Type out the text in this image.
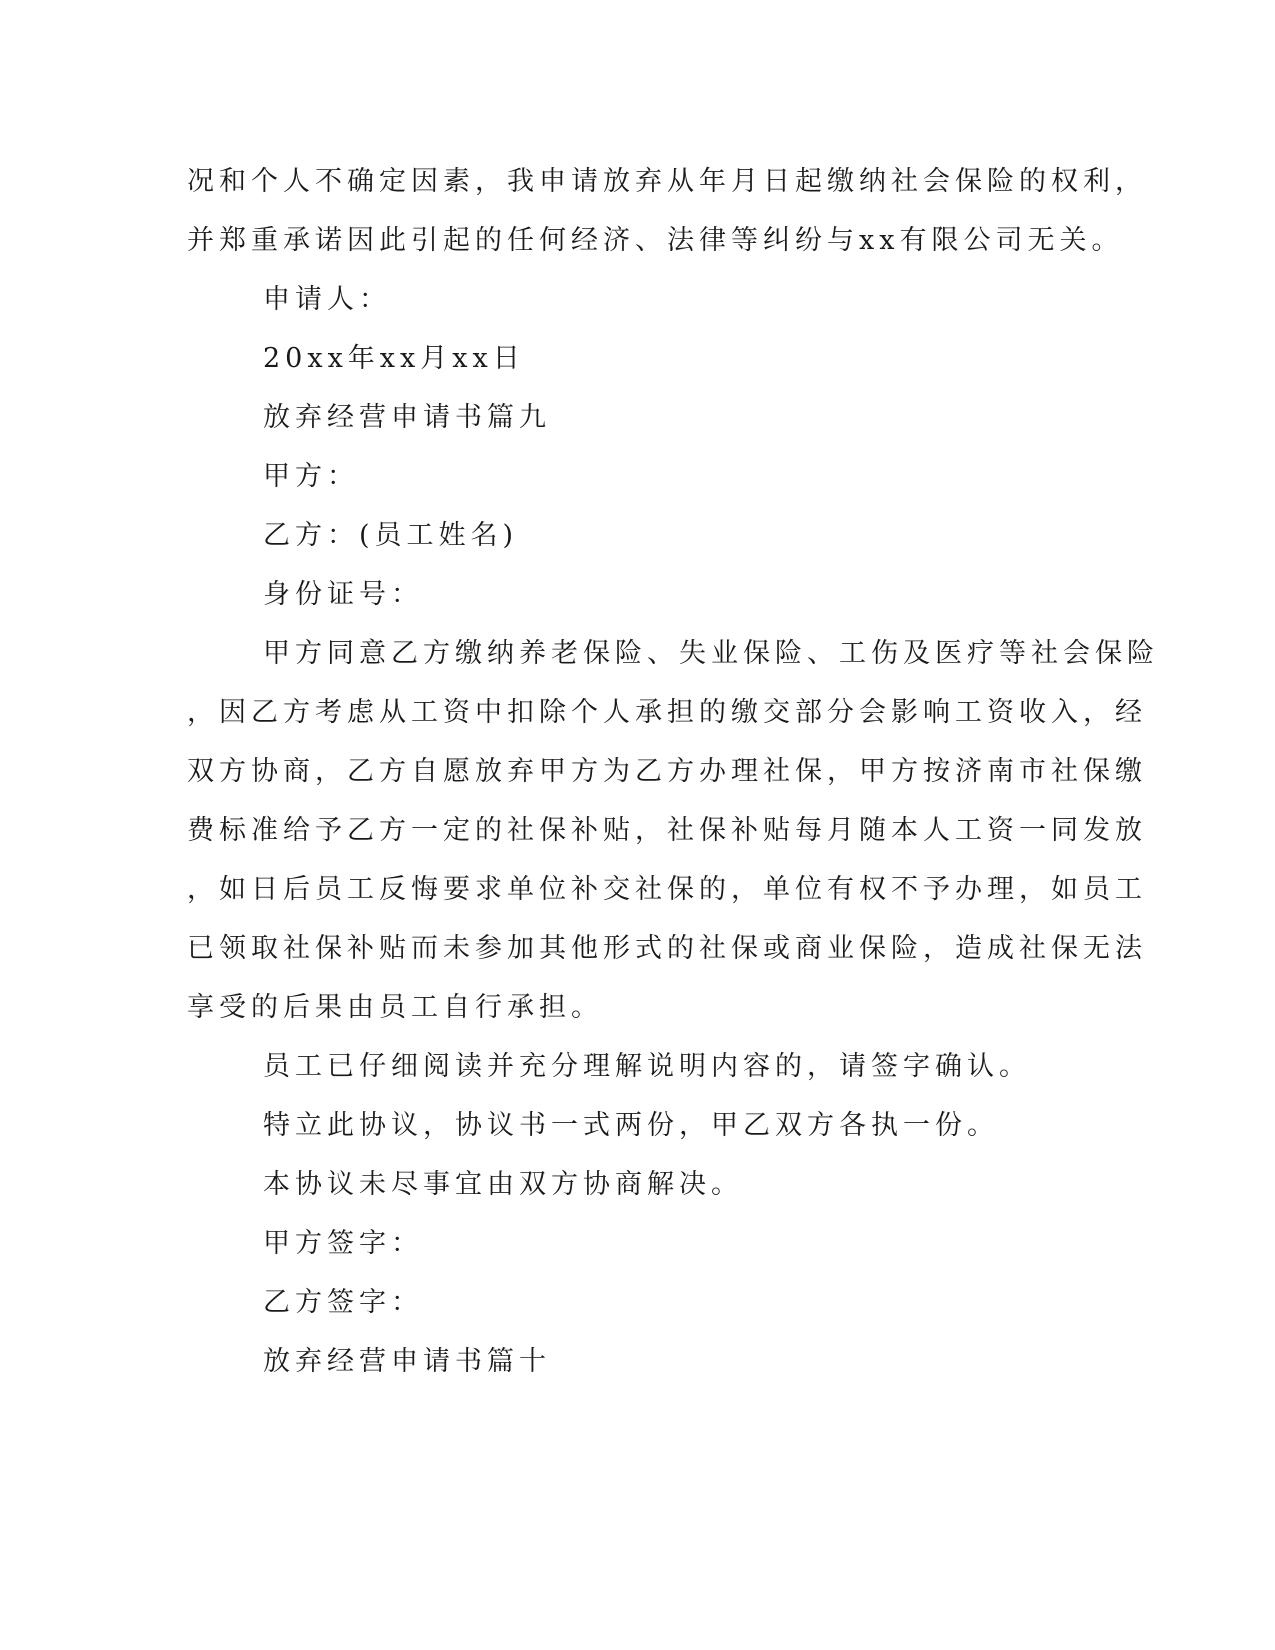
况和个人不确定因素，我申请放弃从年月日起缴纳社会保险的权利，
并郑重承诺因此引起的任何经济、法律等纠纷与xx有限公司无关。
申请人：
20xx年xx月xx日
放弃经营申请书篇九
甲方：
乙方：(员工姓名)
身份证号：
甲方同意乙方缴纳养老保险、失业保险、工伤及医疗等社会保险
，因乙方考虑从工资中扣除个人承担的缴交部分会影响工资收入，经
双方协商，乙方自愿放弃甲方为乙方办理社保，甲方按济南市社保缴
费标准给予乙方一定的社保补贴，社保补贴每月随本人工资一同发放
，如日后员工反悔要求单位补交社保的，单位有权不予办理，如员工
已领取社保补贴而未参加其他形式的社保或商业保险，造成社保无法
享受的后果由员工自行承担。
员工已仔细阅读并充分理解说明内容的，请签字确认。
特立此协议，协议书一式两份，甲乙双方各执一份。
本协议未尽事宜由双方协商解决。
甲方签字：
乙方签字：
放弃经营申请书篇十
